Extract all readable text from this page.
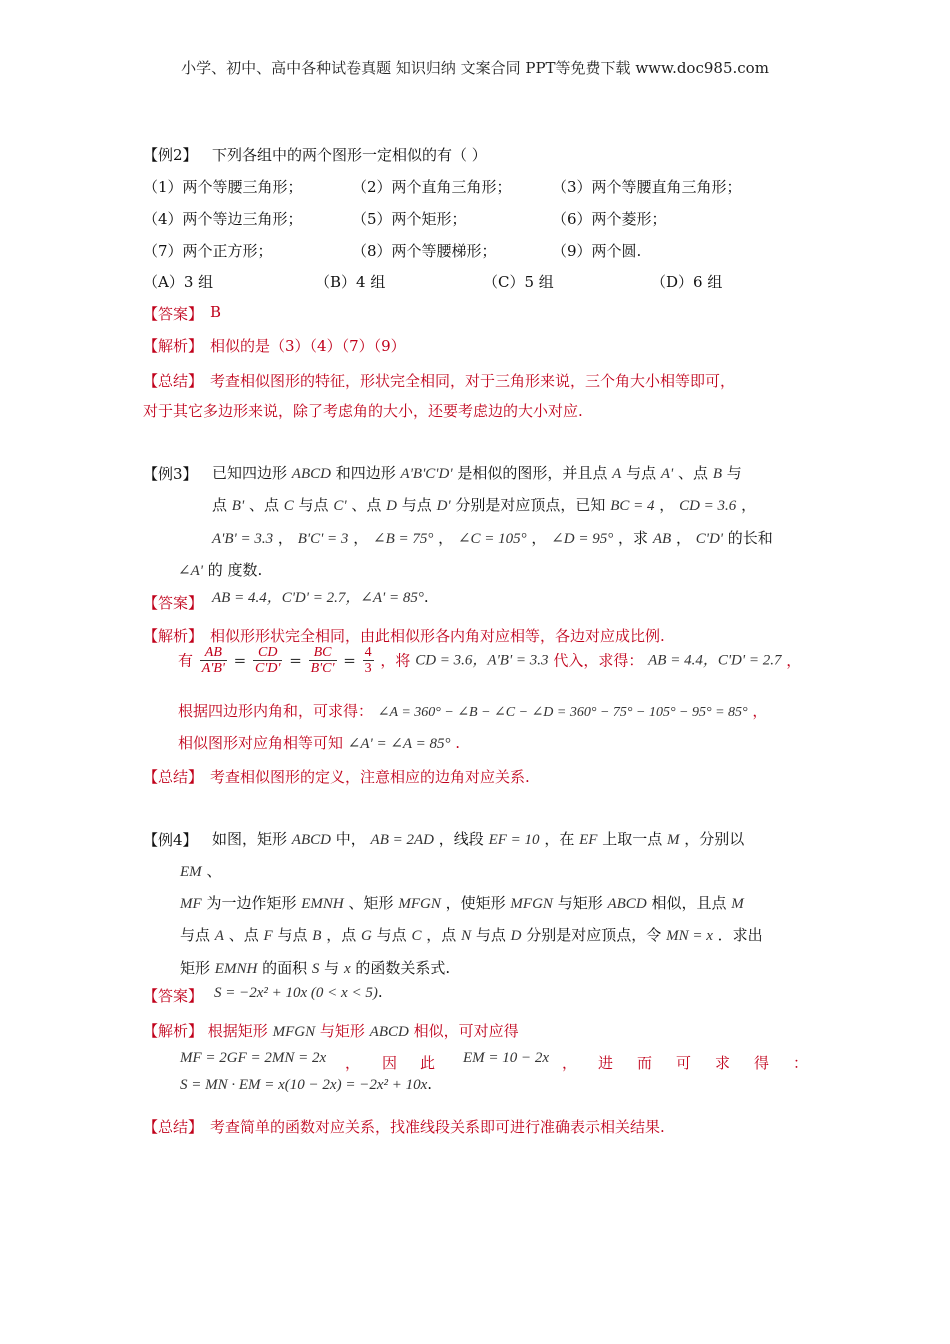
小学、初中、高中各种试卷真题 知识归纳 文案合同 PPT等免费下载 www.doc985.com
【例2】 下列各组中的两个图形一定相似的有（ ）
（1）两个等腰三角形；	（2）两个直角三角形；	（3）两个等腰直角三角形；
（4）两个等边三角形；	（5）两个矩形；	（6）两个菱形；
（7）两个正方形；	（8）两个等腰梯形；	（9）两个圆.
（A）3 组	（B）4 组	（C）5 组	（D）6 组
【答案】 B
【解析】 相似的是（3）（4）（7）（9）
【总结】 考查相似图形的特征，形状完全相同，对于三角形来说，三个角大小相等即可，
对于其它多边形来说，除了考虑角的大小，还要考虑边的大小对应.
【例3】 已知四边形 ABCD 和四边形 A'B'C'D' 是相似的图形，并且点 A 与点 A' 、点 B 与
点 B' 、点 C 与点 C' 、点 D 与点 D' 分别是对应顶点，已知 BC = 4 ， CD = 3.6 ，
A'B' = 3.3 ， B'C' = 3 ， ∠B = 75° ， ∠C = 105° ， ∠D = 95° ，求 AB ， C'D' 的长和
∠A' 的 度数.
【答案】 AB = 4.4，C'D' = 2.7，∠A' = 85°.
【解析】 相似形形状完全相同，由此相似形各内角对应相等，各边对应成比例.
有 $\frac{AB}{A'B'} = \frac{CD}{C'D'} = \frac{BC}{B'C'} = \frac{4}{3}$ ，将 CD = 3.6，A'B' = 3.3 代入，求得： AB = 4.4，C'D' = 2.7 ，
根据四边形内角和，可求得： ∠A = 360° − ∠B − ∠C − ∠D = 360° − 75° − 105° − 95° = 85° ，
相似图形对应角相等可知 ∠A' = ∠A = 85° .
【总结】 考查相似图形的定义，注意相应的边角对应关系.
【例4】 如图，矩形 ABCD 中， AB = 2AD ，线段 EF = 10 ，在 EF 上取一点 M ，分别以
EM 、
MF 为一边作矩形 EMNH 、矩形 MFGN ，使矩形 MFGN 与矩形 ABCD 相似，且点 M
与点 A 、点 F 与点 B ，点 G 与点 C ，点 N 与点 D 分别是对应顶点，令 MN = x ．求出
矩形 EMNH 的面积 S 与 x 的函数关系式.
【答案】 S = −2x² + 10x (0 < x < 5).
【解析】 根据矩形 MFGN 与矩形 ABCD 相似，可对应得
MF = 2GF = 2MN = 2x ， 因 此 EM = 10 − 2x ， 进 而 可 求 得 ：
S = MN · EM = x(10 − 2x) = −2x² + 10x.
【总结】 考查简单的函数对应关系，找准线段关系即可进行准确表示相关结果.
